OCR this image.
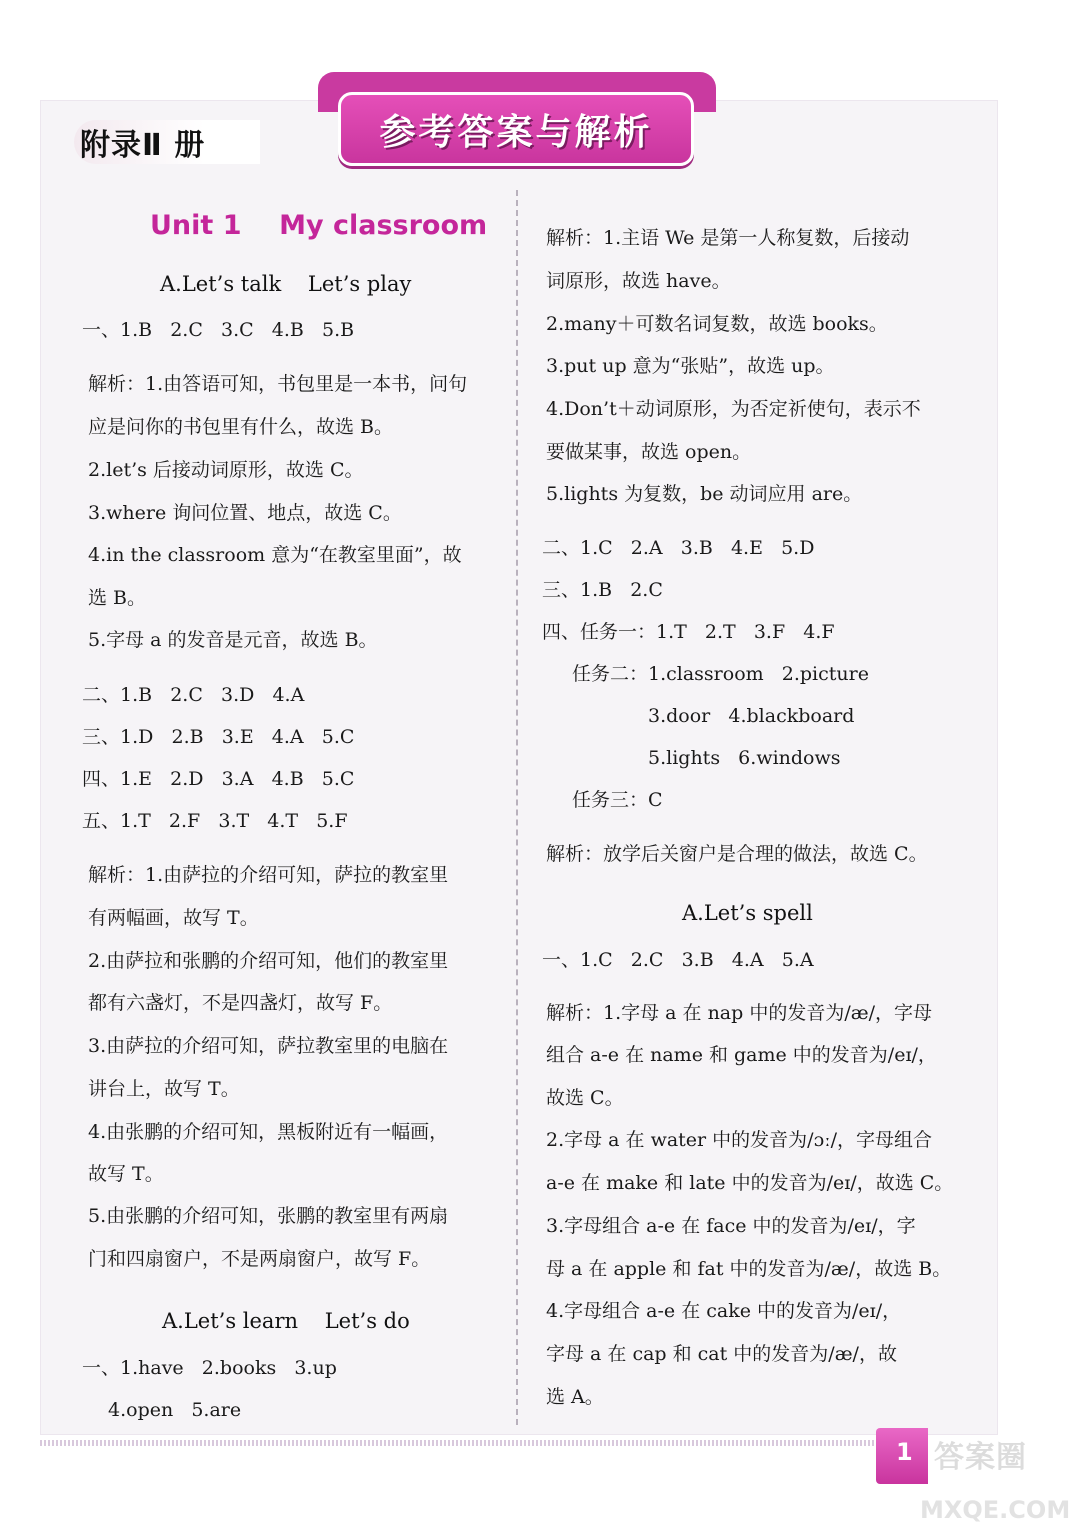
附录Ⅱ 册	参考答案与解析
Unit 1    My classroom
A.Let’s talk    Let’s play
一、1.B   2.C   3.C   4.B   5.B
解析：1.由答语可知，书包里是一本书，问句
应是问你的书包里有什么，故选 B。
2.let’s 后接动词原形，故选 C。
3.where 询问位置、地点，故选 C。
4.in the classroom 意为“在教室里面”，故
选 B。
5.字母 a 的发音是元音，故选 B。
二、1.B   2.C   3.D   4.A
三、1.D   2.B   3.E   4.A   5.C
四、1.E   2.D   3.A   4.B   5.C
五、1.T   2.F   3.T   4.T   5.F
解析：1.由萨拉的介绍可知，萨拉的教室里
有两幅画，故写 T。
2.由萨拉和张鹏的介绍可知，他们的教室里
都有六盏灯，不是四盏灯，故写 F。
3.由萨拉的介绍可知，萨拉教室里的电脑在
讲台上，故写 T。
4.由张鹏的介绍可知，黑板附近有一幅画，
故写 T。
5.由张鹏的介绍可知，张鹏的教室里有两扇
门和四扇窗户，不是两扇窗户，故写 F。
A.Let’s learn    Let’s do
一、1.have   2.books   3.up
4.open   5.are
解析：1.主语 We 是第一人称复数，后接动
词原形，故选 have。
2.many＋可数名词复数，故选 books。
3.put up 意为“张贴”，故选 up。
4.Don’t＋动词原形，为否定祈使句，表示不
要做某事，故选 open。
5.lights 为复数，be 动词应用 are。
二、1.C   2.A   3.B   4.E   5.D
三、1.B   2.C
四、任务一：1.T   2.T   3.F   4.F
任务二：1.classroom   2.picture
3.door   4.blackboard
5.lights   6.windows
任务三：C
解析：放学后关窗户是合理的做法，故选 C。
A.Let’s spell
一、1.C   2.C   3.B   4.A   5.A
解析：1.字母 a 在 nap 中的发音为/æ/，字母
组合 a-e 在 name 和 game 中的发音为/eɪ/，
故选 C。
2.字母 a 在 water 中的发音为/ɔː/，字母组合
a-e 在 make 和 late 中的发音为/eɪ/，故选 C。
3.字母组合 a-e 在 face 中的发音为/eɪ/，字
母 a 在 apple 和 fat 中的发音为/æ/，故选 B。
4.字母组合 a-e 在 cake 中的发音为/eɪ/，
字母 a 在 cap 和 cat 中的发音为/æ/，故
选 A。
1 答案圈
MXQE.COM
